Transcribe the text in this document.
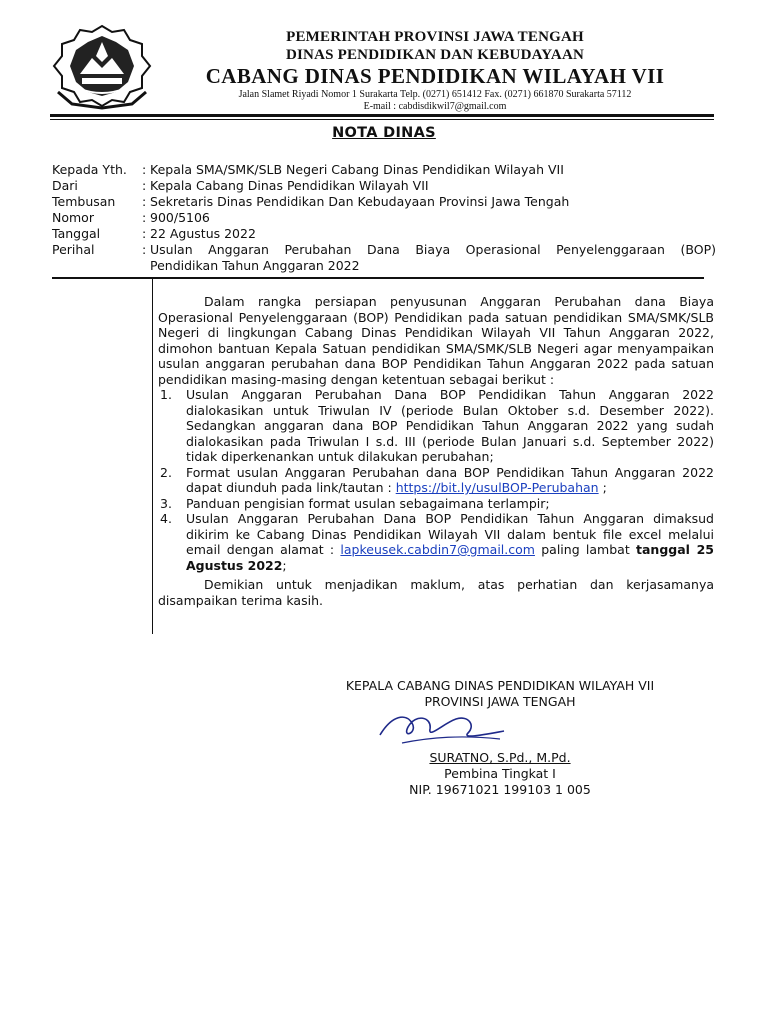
PEMERINTAH PROVINSI JAWA TENGAH
DINAS PENDIDIKAN DAN KEBUDAYAAN
CABANG DINAS PENDIDIKAN WILAYAH VII
Jalan Slamet Riyadi Nomor 1 Surakarta Telp. (0271) 651412 Fax. (0271) 661870 Surakarta 57112
E-mail : cabdisdikwil7@gmail.com
NOTA DINAS
Kepada Yth.	: Kepala SMA/SMK/SLB Negeri Cabang Dinas Pendidikan Wilayah VII
Dari	: Kepala Cabang Dinas Pendidikan Wilayah VII
Tembusan	: Sekretaris Dinas Pendidikan Dan Kebudayaan Provinsi Jawa Tengah
Nomor	: 900/5106
Tanggal	: 22 Agustus 2022
Perihal	: Usulan Anggaran Perubahan Dana Biaya Operasional Penyelenggaraan (BOP)
Pendidikan Tahun Anggaran 2022

Dalam rangka persiapan penyusunan Anggaran Perubahan dana Biaya Operasional Penyelenggaraan (BOP) Pendidikan pada satuan pendidikan SMA/SMK/SLB Negeri di lingkungan Cabang Dinas Pendidikan Wilayah VII Tahun Anggaran 2022, dimohon bantuan Kepala Satuan pendidikan SMA/SMK/SLB Negeri agar menyampaikan usulan anggaran perubahan dana BOP Pendidikan Tahun Anggaran 2022 pada satuan pendidikan masing-masing dengan ketentuan sebagai berikut :

1.	Usulan Anggaran Perubahan Dana BOP Pendidikan Tahun Anggaran 2022 dialokasikan untuk Triwulan IV (periode Bulan Oktober s.d. Desember 2022). Sedangkan anggaran dana BOP Pendidikan Tahun Anggaran 2022 yang sudah dialokasikan pada Triwulan I s.d. III (periode Bulan Januari s.d. September 2022) tidak diperkenankan untuk dilakukan perubahan;
2.	Format usulan Anggaran Perubahan dana BOP Pendidikan Tahun Anggaran 2022 dapat diunduh pada link/tautan : https://bit.ly/usulBOP-Perubahan ;
3.	Panduan pengisian format usulan sebagaimana terlampir;
4.	Usulan Anggaran Perubahan Dana BOP Pendidikan Tahun Anggaran dimaksud dikirim ke Cabang Dinas Pendidikan Wilayah VII dalam bentuk file excel melalui email dengan alamat : lapkeusek.cabdin7@gmail.com paling lambat tanggal 25 Agustus 2022;

Demikian untuk menjadikan maklum, atas perhatian dan kerjasamanya disampaikan terima kasih.

KEPALA CABANG DINAS PENDIDIKAN WILAYAH VII
PROVINSI JAWA TENGAH
SURATNO, S.Pd., M.Pd.
Pembina Tingkat I
NIP. 19671021 199103 1 005
